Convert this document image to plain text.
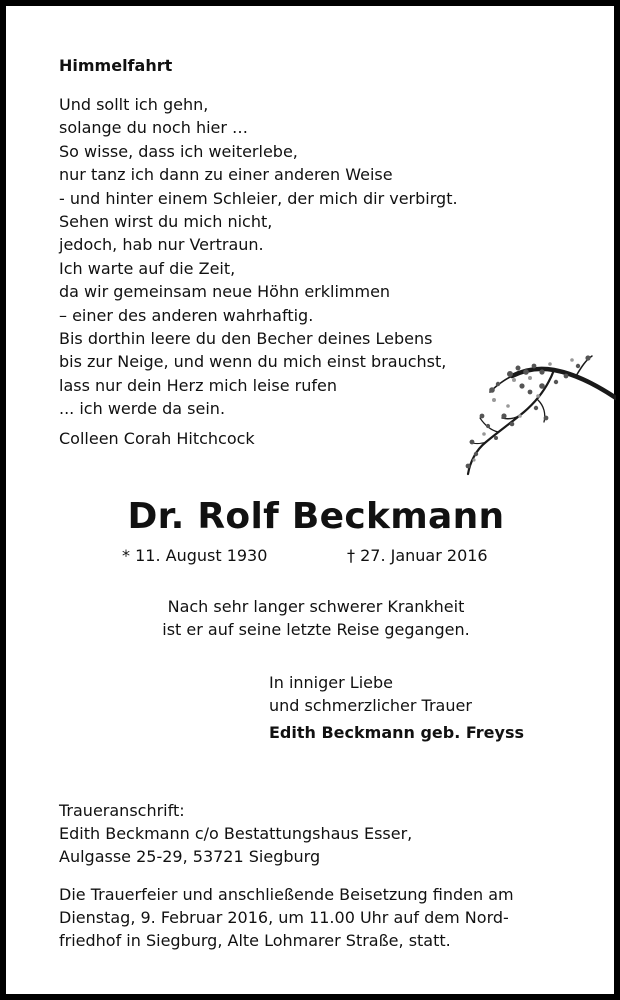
Himmelfahrt
Und sollt ich gehn,
solange du noch hier …
So wisse, dass ich weiterlebe,
nur tanz ich dann zu einer anderen Weise
- und hinter einem Schleier, der mich dir verbirgt.
Sehen wirst du mich nicht,
jedoch, hab nur Vertraun.
Ich warte auf die Zeit,
da wir gemeinsam neue Höhn erklimmen
– einer des anderen wahrhaftig.
Bis dorthin leere du den Becher deines Lebens
bis zur Neige, und wenn du mich einst brauchst,
lass nur dein Herz mich leise rufen
... ich werde da sein.
Colleen Corah Hitchcock
Dr. Rolf Beckmann
* 11. August 1930	† 27. Januar 2016
Nach sehr langer schwerer Krankheit
ist er auf seine letzte Reise gegangen.
In inniger Liebe
und schmerzlicher Trauer
Edith Beckmann geb. Freyss
Traueranschrift:
Edith Beckmann c/o Bestattungshaus Esser,
Aulgasse 25-29, 53721 Siegburg
Die Trauerfeier und anschließende Beisetzung finden am
Dienstag, 9. Februar 2016, um 11.00 Uhr auf dem Nord-
friedhof in Siegburg, Alte Lohmarer Straße, statt.
